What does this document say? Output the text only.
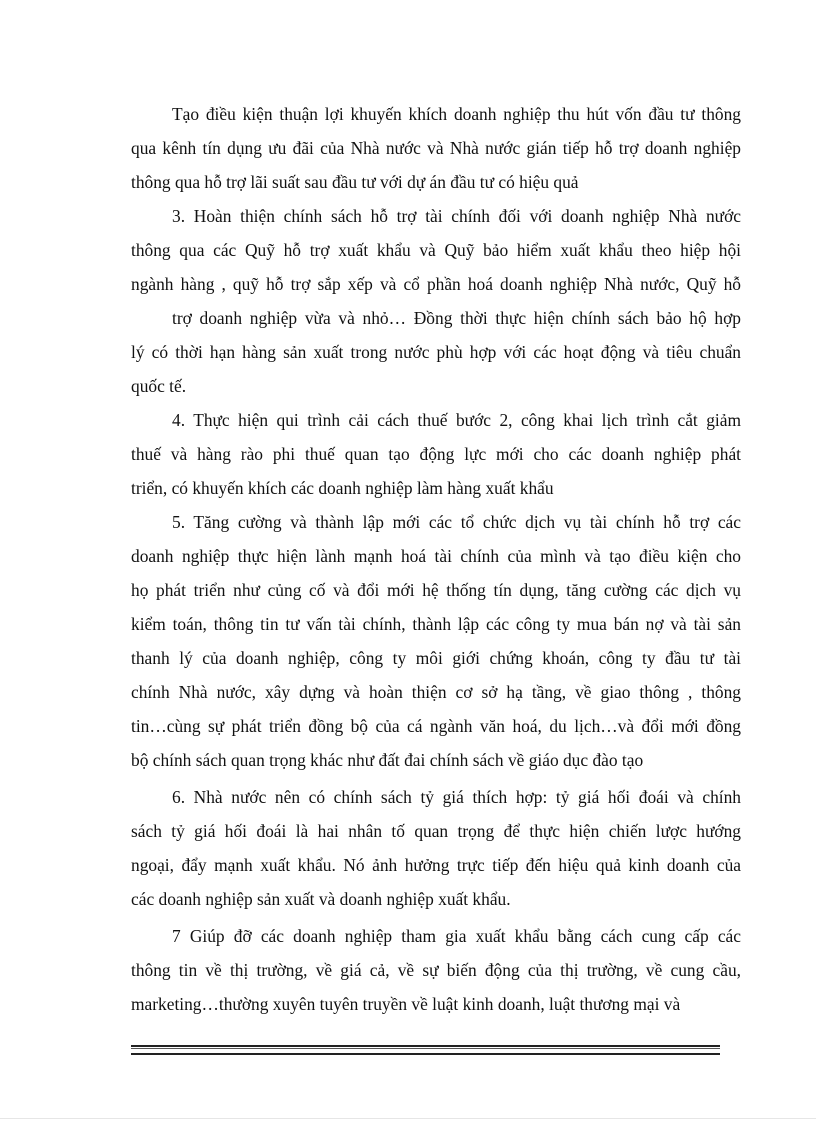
Tạo điều kiện thuận lợi khuyến khích doanh nghiệp thu hút vốn đầu tư thông
qua kênh tín dụng ưu đãi của Nhà nước và Nhà nước gián tiếp hỗ trợ doanh nghiệp
thông qua hỗ trợ lãi suất sau đầu tư với dự án đầu tư có hiệu quả
3. Hoàn thiện chính sách hỗ trợ tài chính đối với doanh nghiệp Nhà nước
thông qua các Quỹ hỗ trợ xuất khẩu và Quỹ bảo hiểm xuất khẩu theo hiệp hội
ngành hàng , quỹ hỗ trợ sắp xếp và cổ phần hoá doanh nghiệp Nhà nước, Quỹ hỗ
trợ doanh nghiệp vừa và nhỏ… Đồng thời thực hiện chính sách bảo hộ hợp
lý có thời hạn hàng sản xuất trong nước phù hợp với các hoạt động và tiêu chuẩn
quốc tế.
4. Thực hiện qui trình cải cách thuế bước 2, công khai lịch trình cắt giảm
thuế và hàng rào phi thuế quan tạo động lực mới cho các doanh nghiệp phát
triển, có khuyến khích các doanh nghiệp làm hàng xuất khẩu
5. Tăng cường và thành lập mới các tổ chức dịch vụ tài chính hỗ trợ các
doanh nghiệp thực hiện lành mạnh hoá tài chính của mình và tạo điều kiện cho
họ phát triển như củng cố và đổi mới hệ thống tín dụng, tăng cường các dịch vụ
kiểm toán, thông tin tư vấn tài chính, thành lập các công ty mua bán nợ và tài sản
thanh lý của doanh nghiệp, công ty môi giới chứng khoán, công ty đầu tư tài
chính Nhà nước, xây dựng và hoàn thiện cơ sở hạ tầng, về giao thông , thông
tin…cùng sự phát triển đồng bộ của cá ngành văn hoá, du lịch…và đổi mới đồng
bộ chính sách quan trọng khác như đất đai chính sách về giáo dục đào tạo
6. Nhà nước nên có chính sách tỷ giá thích hợp: tỷ giá hối đoái và chính
sách tỷ giá hối đoái là hai nhân tố quan trọng để thực hiện chiến lược hướng
ngoại, đẩy mạnh xuất khẩu. Nó ảnh hưởng trực tiếp đến hiệu quả kinh doanh của
các doanh nghiệp sản xuất và doanh nghiệp xuất khẩu.
7 Giúp đỡ các doanh nghiệp tham gia xuất khẩu bằng cách cung cấp các
thông tin về thị trường, về giá cả, về sự biến động của thị trường, về cung cầu,
marketing…thường xuyên tuyên truyền về luật kinh doanh, luật thương mại và
